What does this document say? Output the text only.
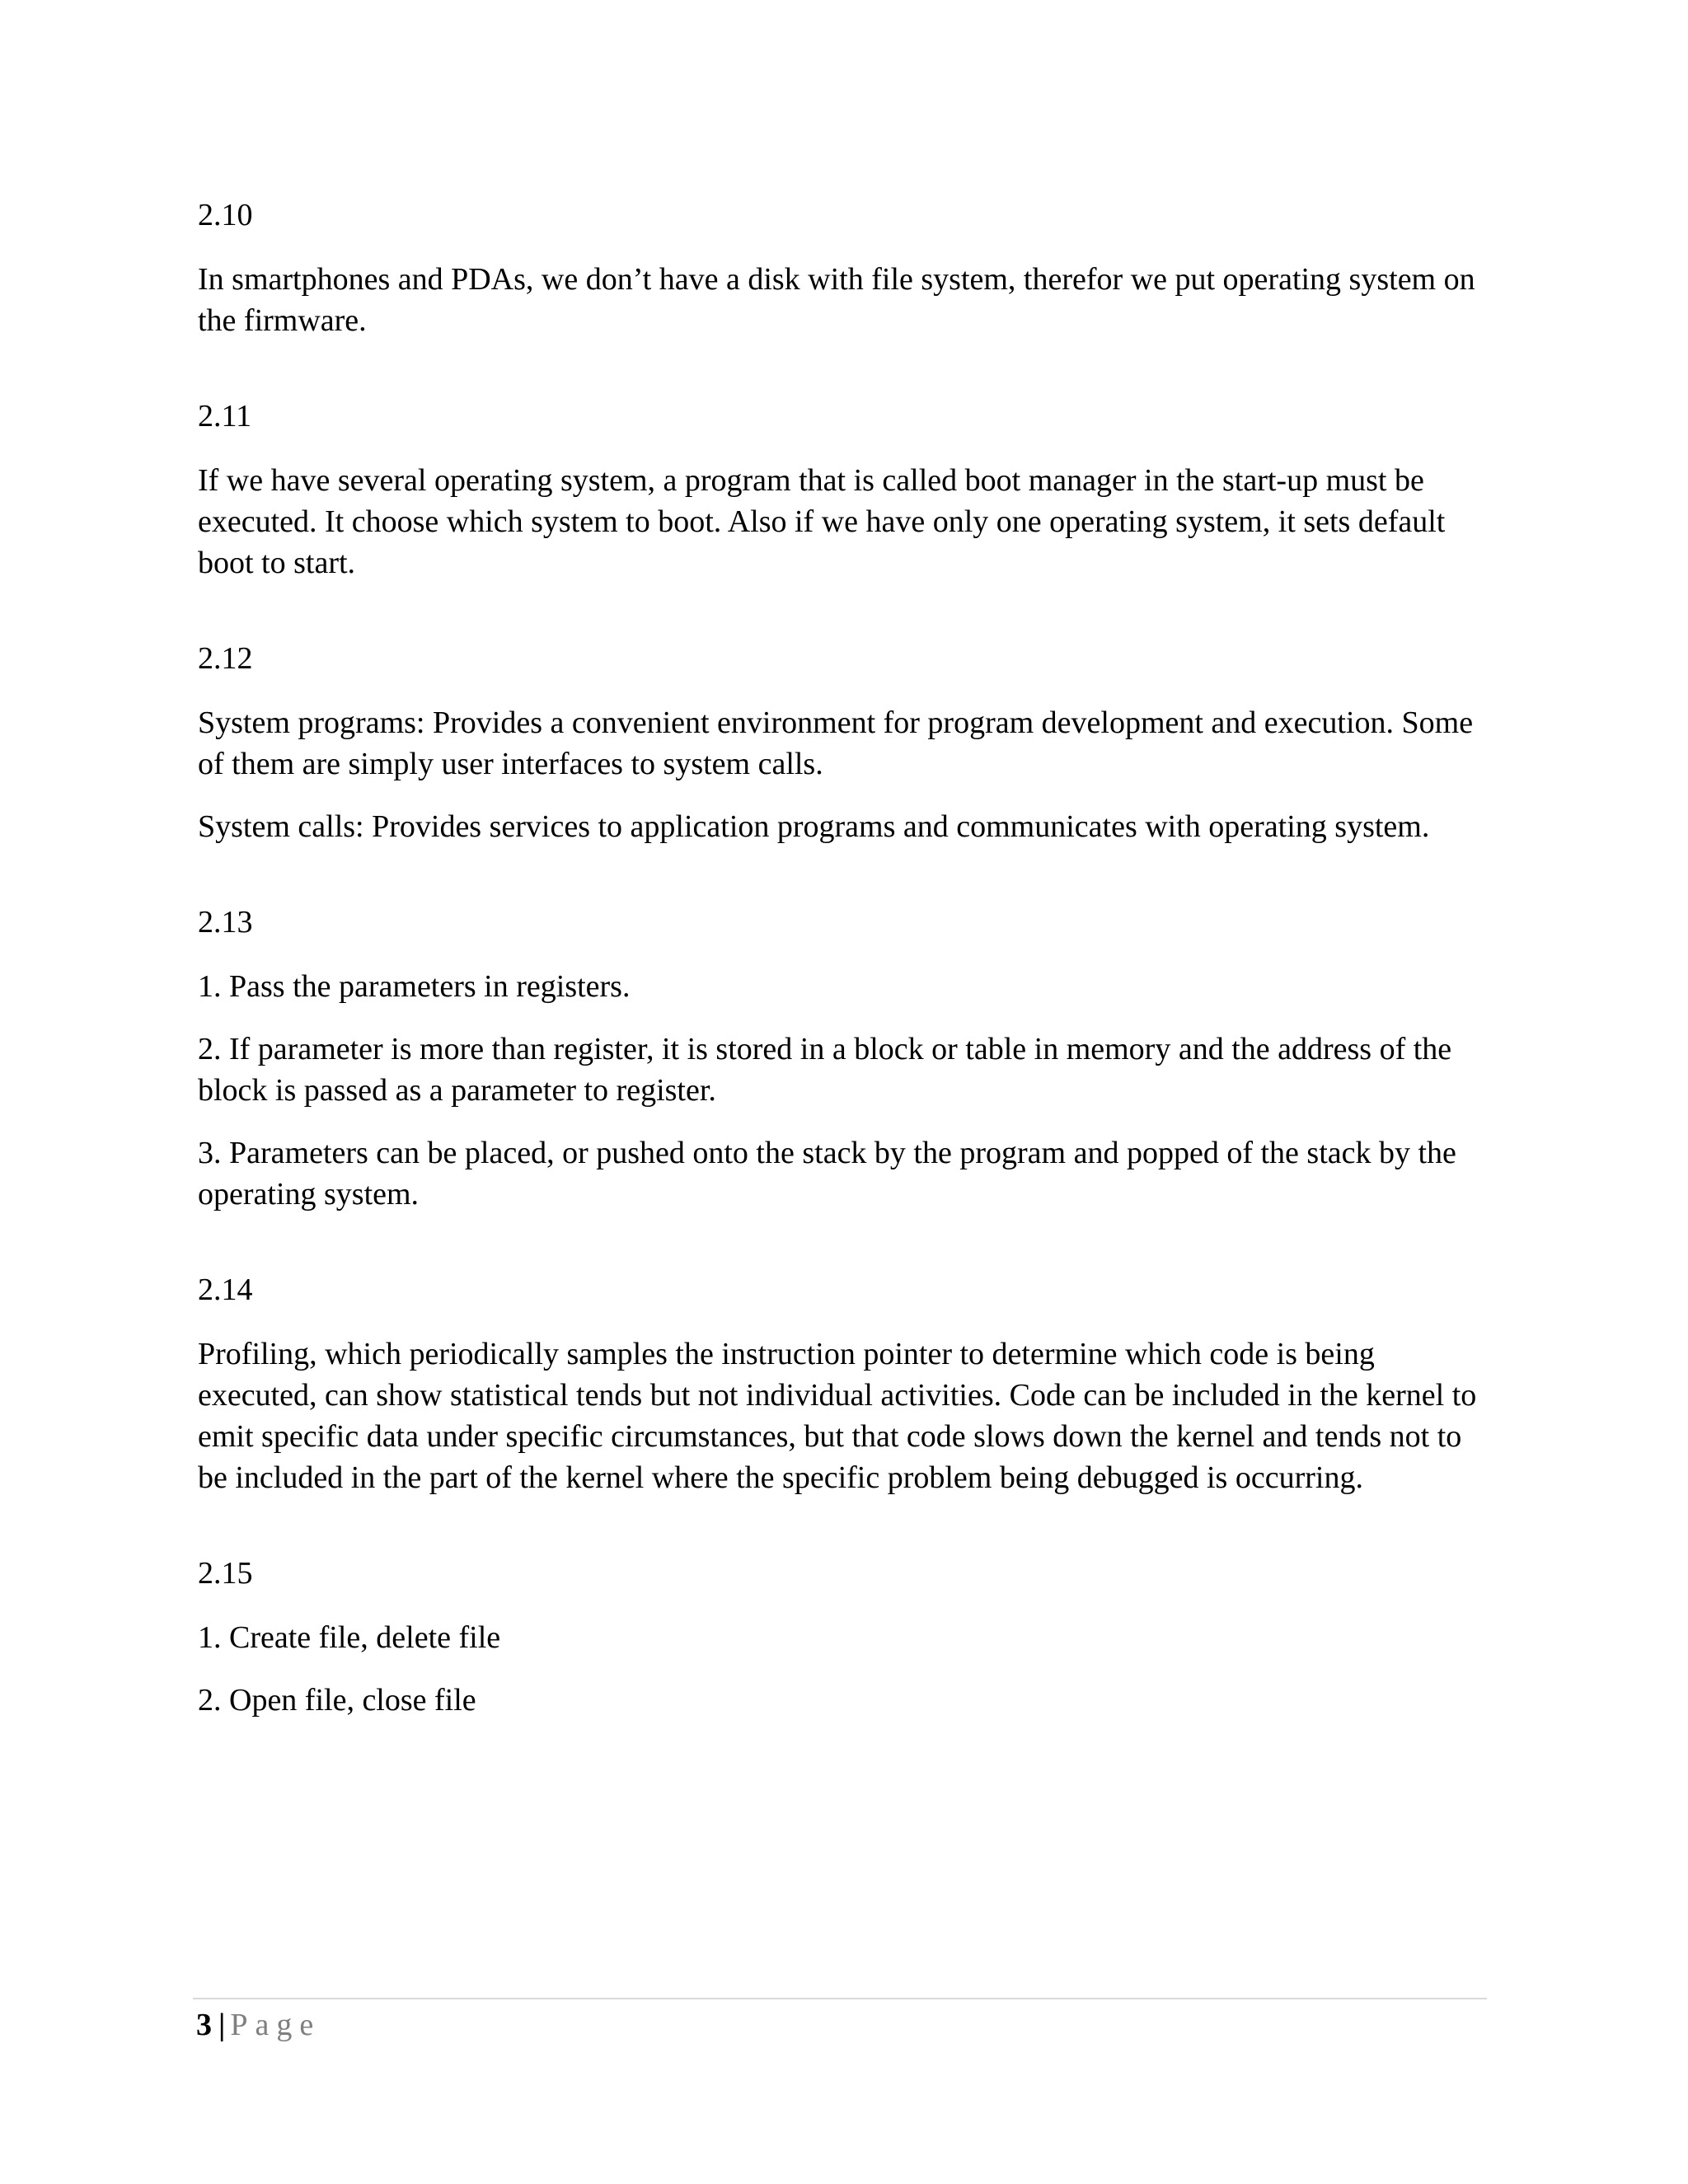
2.10

In smartphones and PDAs, we don’t have a disk with file system, therefor we put operating system on the firmware.

2.11

If we have several operating system, a program that is called boot manager in the start-up must be executed. It choose which system to boot. Also if we have only one operating system, it sets default boot to start.

2.12

System programs: Provides a convenient environment for program development and execution. Some of them are simply user interfaces to system calls.

System calls: Provides services to application programs and communicates with operating system.

2.13

1. Pass the parameters in registers.

2. If parameter is more than register, it is stored in a block or table in memory and the address of the block is passed as a parameter to register.

3. Parameters can be placed, or pushed onto the stack by the program and popped of the stack by the operating system.

2.14

Profiling, which periodically samples the instruction pointer to determine which code is being executed, can show statistical tends but not individual activities. Code can be included in the kernel to emit specific data under specific circumstances, but that code slows down the kernel and tends not to be included in the part of the kernel where the specific problem being debugged is occurring.

2.15

1. Create file, delete file

2. Open file, close file

3 | Page
